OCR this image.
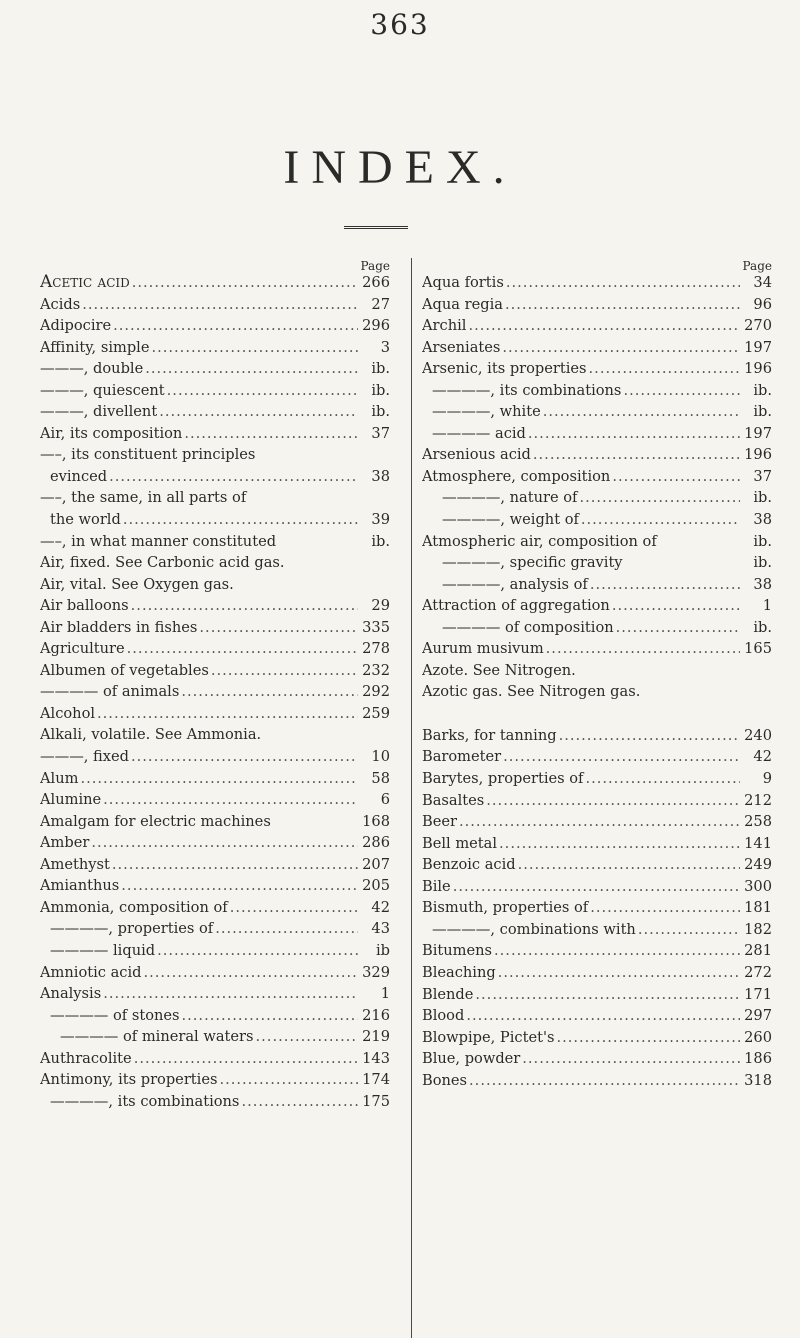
363
INDEX.
Page
Acetic acid .....	266
Acids .....	27
Adipocire .....	296
Affinity, simple .....	3
———, double .....	ib.
———, quiescent .....	ib.
———, divellent .....	ib.
Air, its composition .....	37
—–, its constituent principles
evinced .....	38
—–, the same, in all parts of
the world .....	39
—–, in what manner constituted	ib.
Air, fixed. See Carbonic acid gas.
Air, vital. See Oxygen gas.
Air balloons .....	29
Air bladders in fishes .....	335
Agriculture .....	278
Albumen of vegetables .....	232
———— of animals .....	292
Alcohol .....	259
Alkali, volatile. See Ammonia.
———, fixed .....	10
Alum .....	58
Alumine .....	6
Amalgam for electric machines	168
Amber .....	286
Amethyst .....	207
Amianthus .....	205
Ammonia, composition of .....	42
————, properties of .....	43
———— liquid .....	ib
Amniotic acid .....	329
Analysis .....	1
———— of stones .....	216
———— of mineral waters .....	219
Authracolite .....	143
Antimony, its properties .....	174
————, its combinations .....	175
Page
Aqua fortis .....	34
Aqua regia .....	96
Archil .....	270
Arseniates .....	197
Arsenic, its properties .....	196
————, its combinations .....	ib.
————, white .....	ib.
———— acid .....	197
Arsenious acid .....	196
Atmosphere, composition .....	37
————, nature of .....	ib.
————, weight of .....	38
Atmospheric air, composition of	ib.
————, specific gravity	ib.
————, analysis of .....	38
Attraction of aggregation .....	1
———— of composition .....	ib.
Aurum musivum .....	165
Azote. See Nitrogen.
Azotic gas. See Nitrogen gas.
Barks, for tanning .....	240
Barometer .....	42
Barytes, properties of .....	9
Basaltes .....	212
Beer .....	258
Bell metal .....	141
Benzoic acid .....	249
Bile .....	300
Bismuth, properties of .....	181
————, combinations with .....	182
Bitumens .....	281
Bleaching .....	272
Blende .....	171
Blood .....	297
Blowpipe, Pictet's .....	260
Blue, powder .....	186
Bones .....	318
